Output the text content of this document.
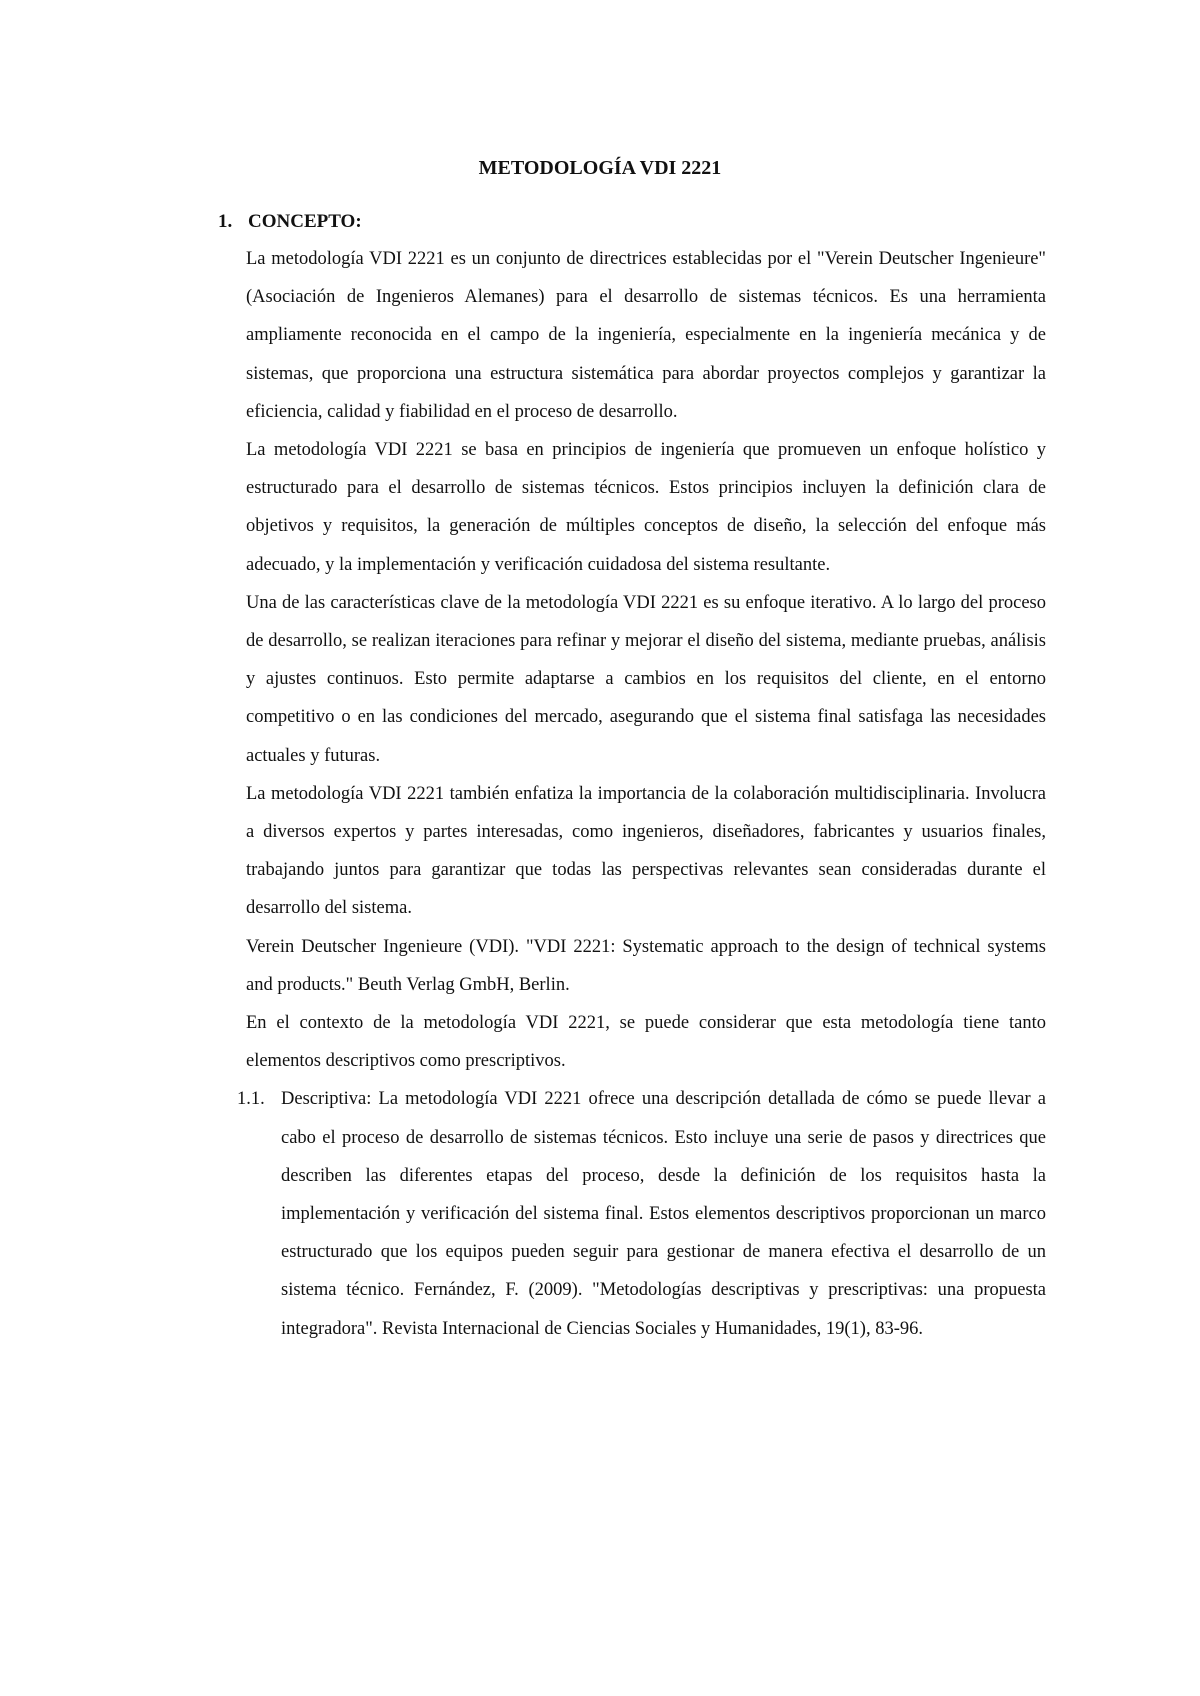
METODOLOGÍA VDI 2221
1. CONCEPTO:

La metodología VDI 2221 es un conjunto de directrices establecidas por el "Verein Deutscher Ingenieure" (Asociación de Ingenieros Alemanes) para el desarrollo de sistemas técnicos. Es una herramienta ampliamente reconocida en el campo de la ingeniería, especialmente en la ingeniería mecánica y de sistemas, que proporciona una estructura sistemática para abordar proyectos complejos y garantizar la eficiencia, calidad y fiabilidad en el proceso de desarrollo.

La metodología VDI 2221 se basa en principios de ingeniería que promueven un enfoque holístico y estructurado para el desarrollo de sistemas técnicos. Estos principios incluyen la definición clara de objetivos y requisitos, la generación de múltiples conceptos de diseño, la selección del enfoque más adecuado, y la implementación y verificación cuidadosa del sistema resultante.

Una de las características clave de la metodología VDI 2221 es su enfoque iterativo. A lo largo del proceso de desarrollo, se realizan iteraciones para refinar y mejorar el diseño del sistema, mediante pruebas, análisis y ajustes continuos. Esto permite adaptarse a cambios en los requisitos del cliente, en el entorno competitivo o en las condiciones del mercado, asegurando que el sistema final satisfaga las necesidades actuales y futuras.

La metodología VDI 2221 también enfatiza la importancia de la colaboración multidisciplinaria. Involucra a diversos expertos y partes interesadas, como ingenieros, diseñadores, fabricantes y usuarios finales, trabajando juntos para garantizar que todas las perspectivas relevantes sean consideradas durante el desarrollo del sistema.

Verein Deutscher Ingenieure (VDI). "VDI 2221: Systematic approach to the design of technical systems and products." Beuth Verlag GmbH, Berlin.

En el contexto de la metodología VDI 2221, se puede considerar que esta metodología tiene tanto elementos descriptivos como prescriptivos.

1.1. Descriptiva: La metodología VDI 2221 ofrece una descripción detallada de cómo se puede llevar a cabo el proceso de desarrollo de sistemas técnicos. Esto incluye una serie de pasos y directrices que describen las diferentes etapas del proceso, desde la definición de los requisitos hasta la implementación y verificación del sistema final. Estos elementos descriptivos proporcionan un marco estructurado que los equipos pueden seguir para gestionar de manera efectiva el desarrollo de un sistema técnico. Fernández, F. (2009). "Metodologías descriptivas y prescriptivas: una propuesta integradora". Revista Internacional de Ciencias Sociales y Humanidades, 19(1), 83-96.
